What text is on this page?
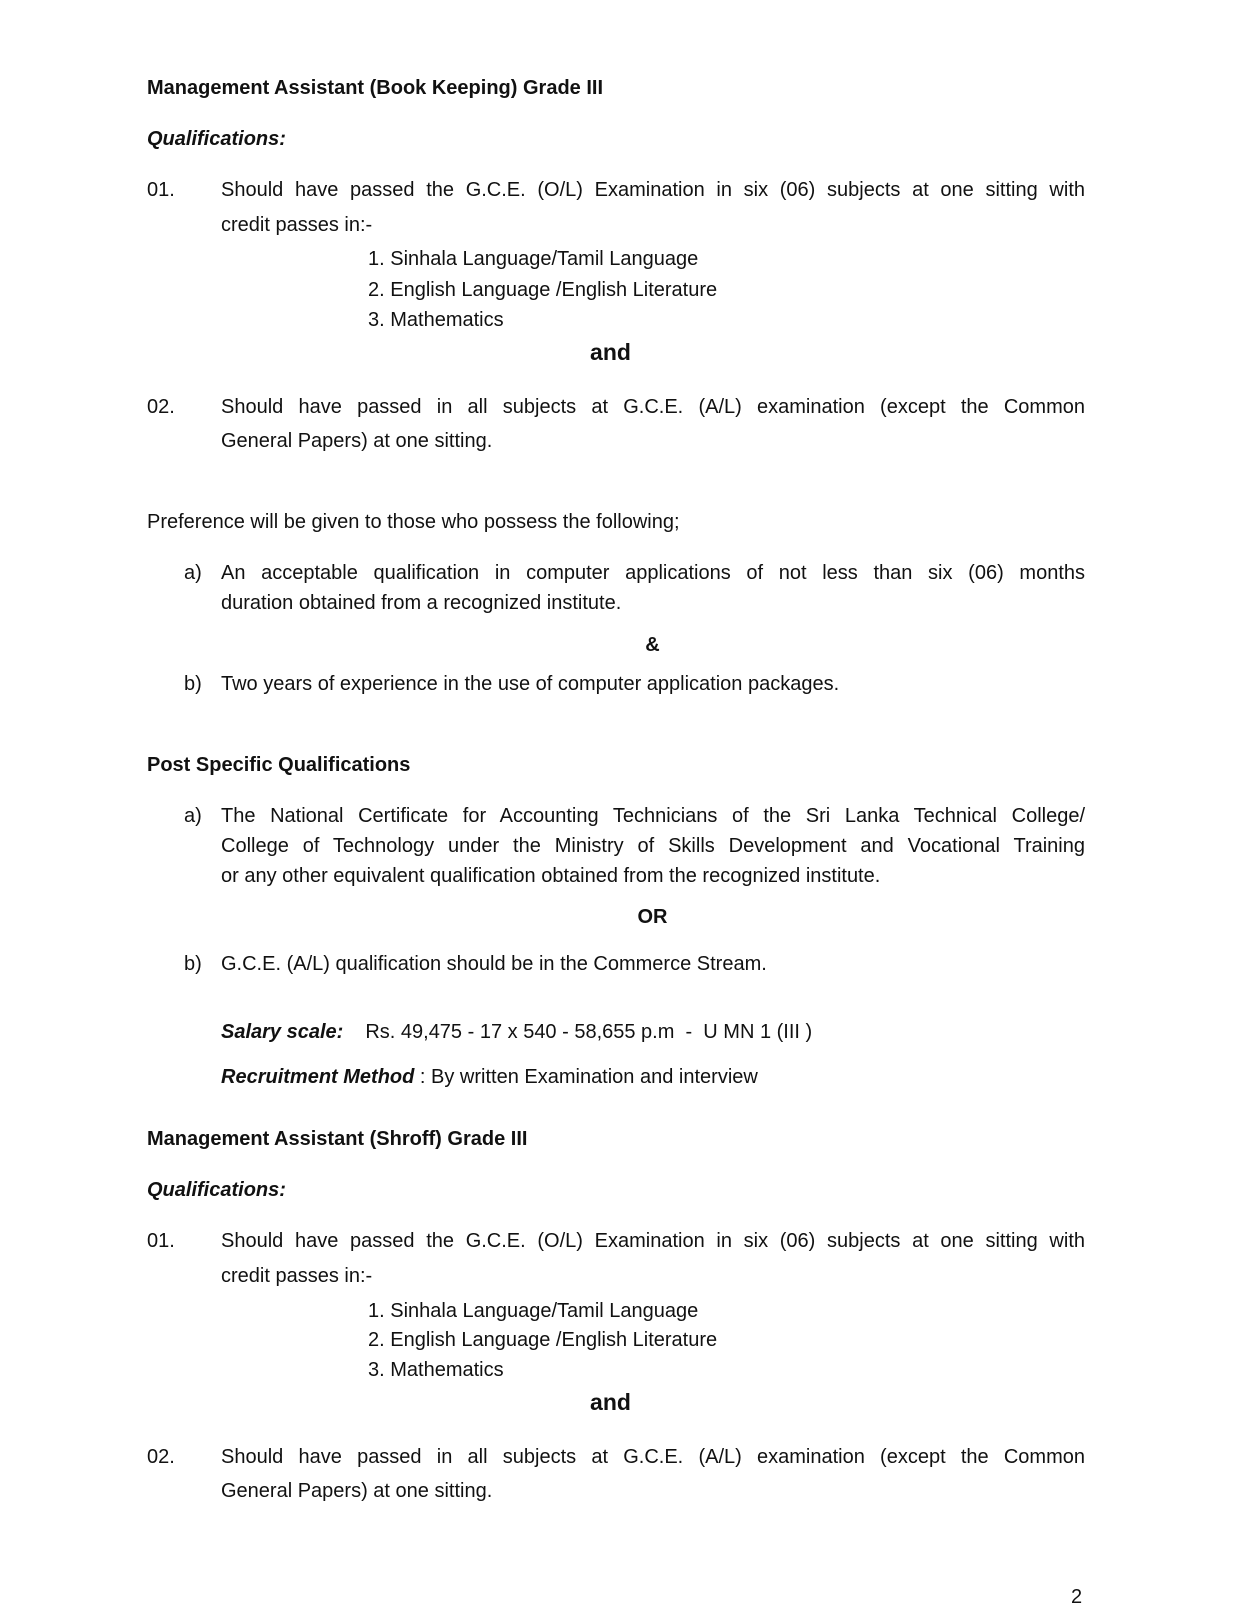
Management Assistant (Book Keeping) Grade III
Qualifications:
01. Should have passed the G.C.E. (O/L) Examination in six (06) subjects at one sitting with
credit passes in:-
1. Sinhala Language/Tamil Language
2. English Language /English Literature
3. Mathematics
and
02. Should have passed in all subjects at G.C.E. (A/L) examination (except the Common
General Papers) at one sitting.
Preference will be given to those who possess the following;
a) An acceptable qualification in computer applications of not less than six (06) months
duration obtained from a recognized institute.
&
b) Two years of experience in the use of computer application packages.
Post Specific Qualifications
a) The National Certificate for Accounting Technicians of the Sri Lanka Technical College/
College of Technology under the Ministry of Skills Development and Vocational Training
or any other equivalent qualification obtained from the recognized institute.
OR
b) G.C.E. (A/L) qualification should be in the Commerce Stream.
Salary scale: Rs. 49,475 - 17 x 540 - 58,655 p.m  -  U MN 1 (III )
Recruitment Method : By written Examination and interview
Management Assistant (Shroff) Grade III
Qualifications:
01. Should have passed the G.C.E. (O/L) Examination in six (06) subjects at one sitting with
credit passes in:-
1. Sinhala Language/Tamil Language
2. English Language /English Literature
3. Mathematics
and
02. Should have passed in all subjects at G.C.E. (A/L) examination (except the Common
General Papers) at one sitting.
2
